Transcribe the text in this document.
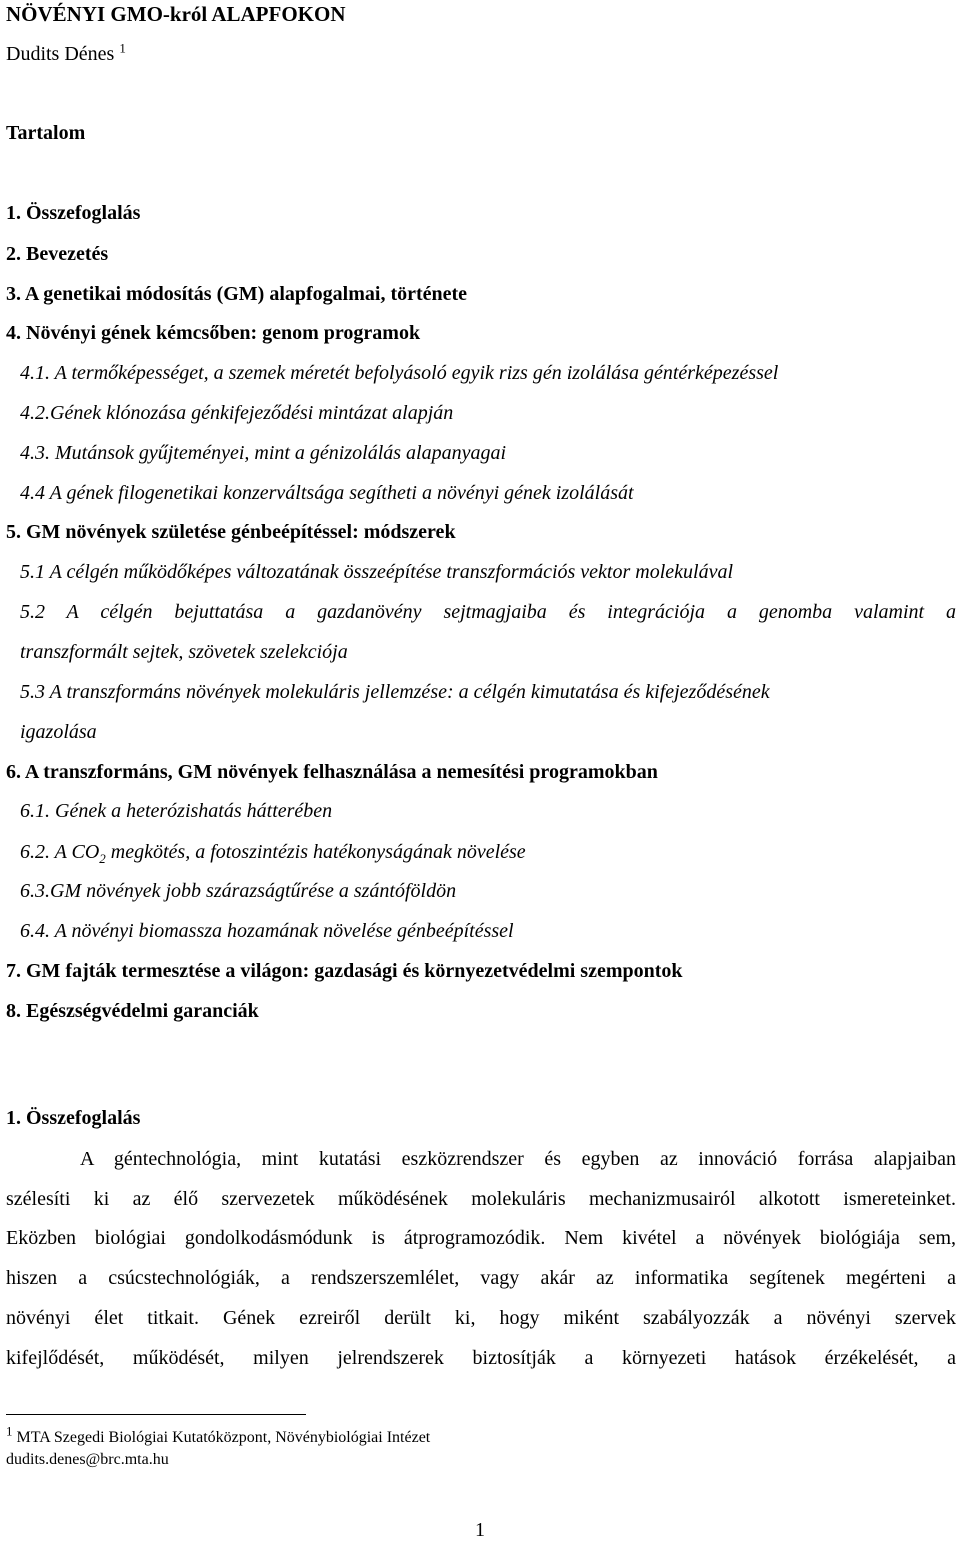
NÖVÉNYI GMO-król ALAPFOKON
Dudits Dénes $^1$
Tartalom
1. Összefoglalás
2. Bevezetés
3. A genetikai módosítás (GM) alapfogalmai, története
4. Növényi gének kémcsőben: genom programok
4.1. A termőképességet, a szemek méretét befolyásoló egyik rizs gén izolálása géntérképezéssel
4.2.Gének klónozása génkifejeződési mintázat alapján
4.3. Mutánsok gyűjteményei, mint a génizolálás alapanyagai
4.4 A gének filogenetikai konzerváltsága segítheti a növényi gének izolálását
5. GM növények születése génbeépítéssel: módszerek
5.1 A célgén működőképes változatának összeépítése transzformációs vektor molekulával
5.2 A célgén bejuttatása a gazdanövény sejtmagjaiba és integrációja a genomba valamint a
transzformált sejtek, szövetek szelekciója
5.3 A transzformáns növények molekuláris jellemzése: a célgén kimutatása és kifejeződésének
igazolása
6. A transzformáns, GM növények felhasználása a nemesítési programokban
6.1. Gének a heterózishatás hátterében
6.2. A $CO_2$ megkötés, a fotoszintézis hatékonyságának növelése
6.3.GM növények jobb szárazságtűrése a szántóföldön
6.4. A növényi biomassza hozamának növelése génbeépítéssel
7. GM fajták termesztése a világon: gazdasági és környezetvédelmi szempontok
8. Egészségvédelmi garanciák
1. Összefoglalás
A géntechnológia, mint kutatási eszközrendszer és egyben az innováció forrása alapjaiban
szélesíti ki az élő szervezetek működésének molekuláris mechanizmusairól alkotott ismereteinket.
Eközben biológiai gondolkodásmódunk is átprogramozódik. Nem kivétel a növények biológiája sem,
hiszen a csúcstechnológiák, a rendszerszemlélet, vagy akár az informatika segítenek megérteni a
növényi élet titkait. Gének ezreiről derült ki, hogy miként szabályozzák a növényi szervek
kifejlődését, működését, milyen jelrendszerek biztosítják a környezeti hatások érzékelését, a
$^1$ MTA Szegedi Biológiai Kutatóközpont, Növénybiológiai Intézet
dudits.denes@brc.mta.hu
1
